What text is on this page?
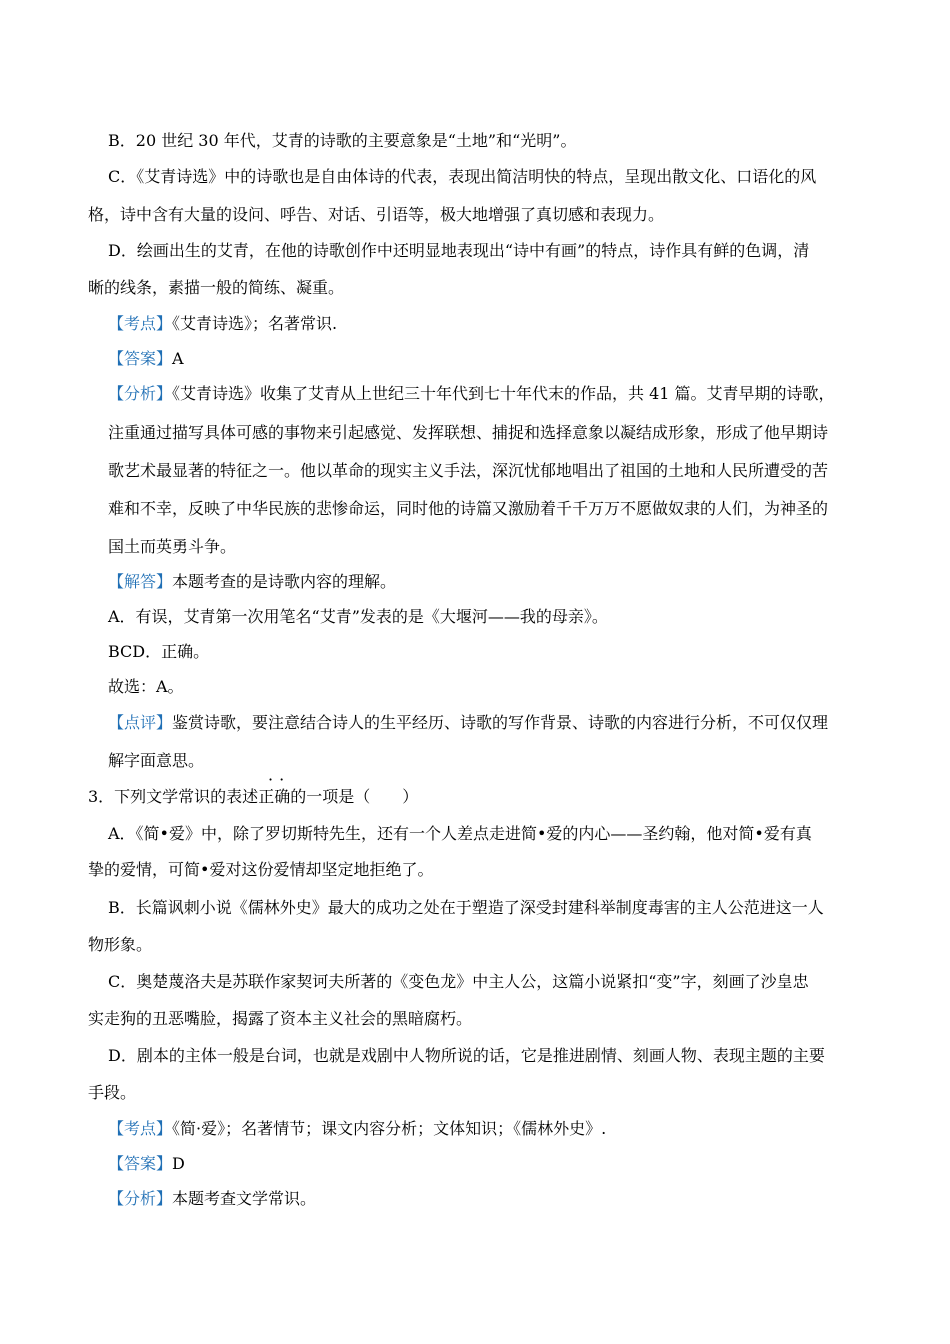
B．20 世纪 30 年代，艾青的诗歌的主要意象是“土地”和“光明”。
C．《艾青诗选》中的诗歌也是自由体诗的代表，表现出简洁明快的特点，呈现出散文化、口语化的风
格，诗中含有大量的设问、呼告、对话、引语等，极大地增强了真切感和表现力。
D．绘画出生的艾青，在他的诗歌创作中还明显地表现出“诗中有画”的特点，诗作具有鲜的色调，清
晰的线条，素描一般的简练、凝重。
【考点】《艾青诗选》；名著常识.
【答案】A
【分析】《艾青诗选》收集了艾青从上世纪三十年代到七十年代末的作品，共 41 篇。艾青早期的诗歌，
注重通过描写具体可感的事物来引起感觉、发挥联想、捕捉和选择意象以凝结成形象，形成了他早期诗
歌艺术最显著的特征之一。他以革命的现实主义手法，深沉忧郁地唱出了祖国的土地和人民所遭受的苦
难和不幸，反映了中华民族的悲惨命运，同时他的诗篇又激励着千千万万不愿做奴隶的人们，为神圣的
国土而英勇斗争。
【解答】本题考查的是诗歌内容的理解。
A．有误，艾青第一次用笔名“艾青”发表的是《大堰河——我的母亲》。
BCD．正确。
故选：A。
【点评】鉴赏诗歌，要注意结合诗人的生平经历、诗歌的写作背景、诗歌的内容进行分析，不可仅仅理
解字面意思。
··
3．下列文学常识的表述正确的一项是（　　）
A．《简•爱》中，除了罗切斯特先生，还有一个人差点走进简•爱的内心——圣约翰，他对简•爱有真
挚的爱情，可简•爱对这份爱情却坚定地拒绝了。
B．长篇讽刺小说《儒林外史》最大的成功之处在于塑造了深受封建科举制度毒害的主人公范进这一人
物形象。
C．奥楚蔑洛夫是苏联作家契诃夫所著的《变色龙》中主人公，这篇小说紧扣“变”字，刻画了沙皇忠
实走狗的丑恶嘴脸，揭露了资本主义社会的黑暗腐朽。
D．剧本的主体一般是台词，也就是戏剧中人物所说的话，它是推进剧情、刻画人物、表现主题的主要
手段。
【考点】《简·爱》；名著情节；课文内容分析；文体知识；《儒林外史》.
【答案】D
【分析】本题考查文学常识。
